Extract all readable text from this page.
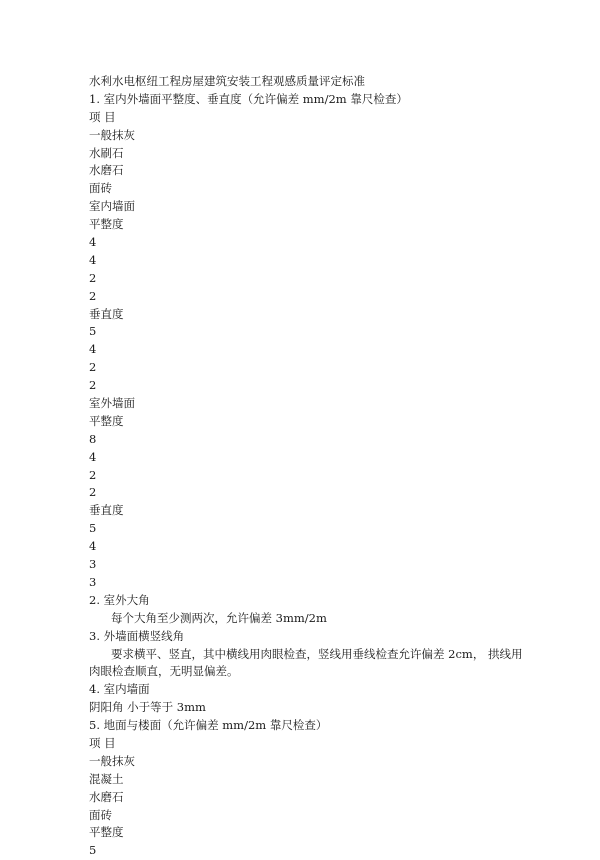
水利水电枢纽工程房屋建筑安装工程观感质量评定标准
1. 室内外墙面平整度、垂直度（允许偏差 mm/2m 靠尺检查）
项 目
一般抹灰
水刷石
水磨石
面砖
室内墙面
平整度
4
4
2
2
垂直度
5
4
2
2
室外墙面
平整度
8
4
2
2
垂直度
5
4
3
3
2. 室外大角
每个大角至少测两次，允许偏差 3mm/2m
3. 外墙面横竖线角
要求横平、竖直，其中横线用肉眼检查，竖线用垂线检查允许偏差 2cm， 拱线用肉眼检查顺直，无明显偏差。
4. 室内墙面
阴阳角 小于等于 3mm
5. 地面与楼面（允许偏差 mm/2m 靠尺检查）
项 目
一般抹灰
混凝土
水磨石
面砖
平整度
5
